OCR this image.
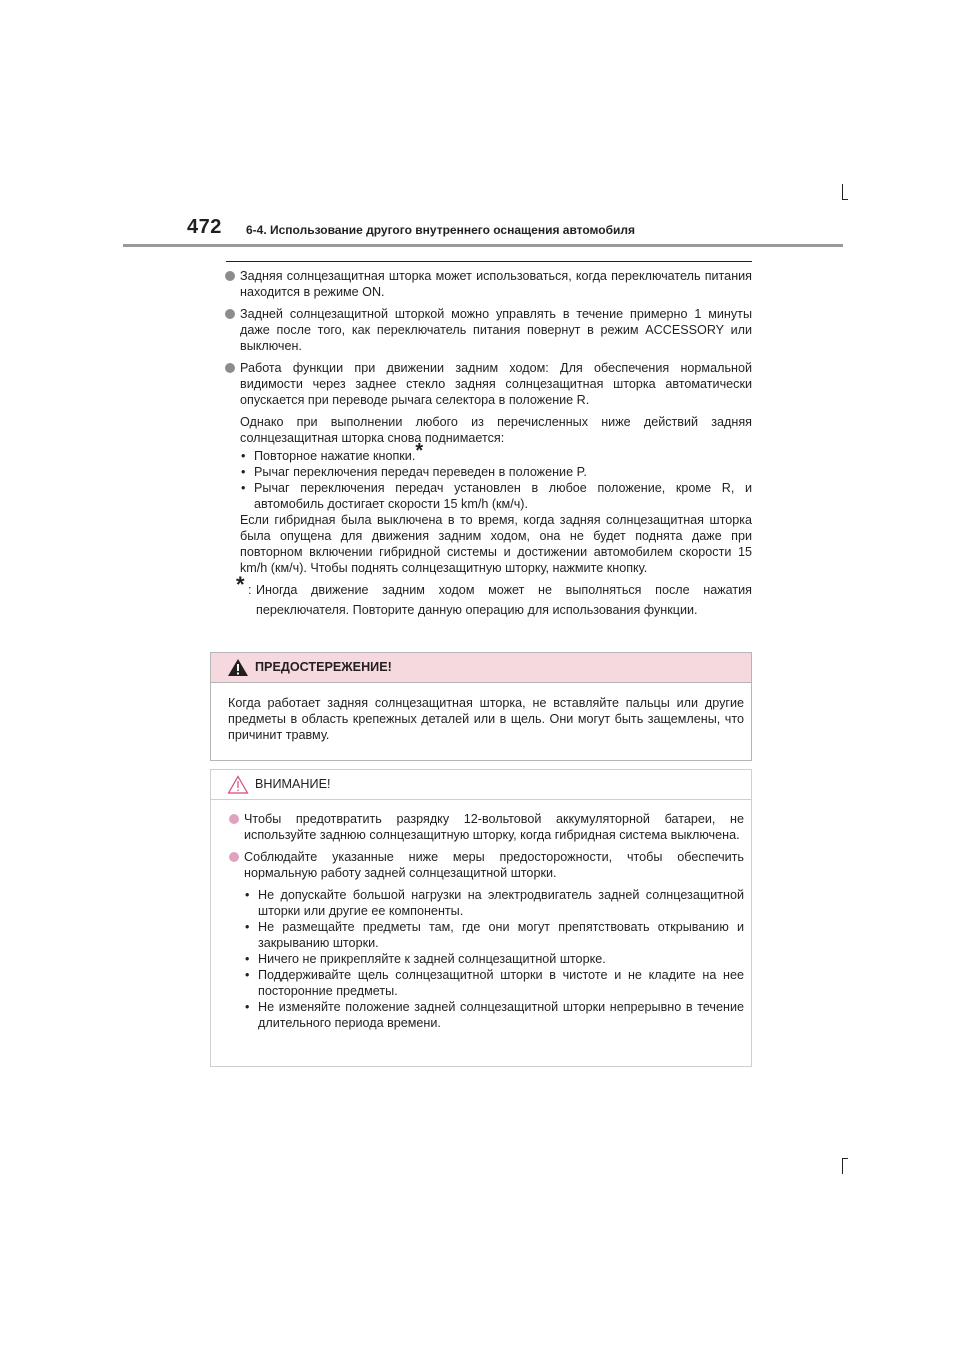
472 6-4. Использование другого внутреннего оснащения автомобиля
Задняя солнцезащитная шторка может использоваться, когда переключатель питания находится в режиме ON.
Задней солнцезащитной шторкой можно управлять в течение примерно 1 минуты даже после того, как переключатель питания повернут в режим ACCESSORY или выключен.
Работа функции при движении задним ходом: Для обеспечения нормальной видимости через заднее стекло задняя солнцезащитная шторка автоматически опускается при переводе рычага селектора в положение R.
Однако при выполнении любого из перечисленных ниже действий задняя солнцезащитная шторка снова поднимается:
• Повторное нажатие кнопки.*
• Рычаг переключения передач переведен в положение P.
• Рычаг переключения передач установлен в любое положение, кроме R, и автомобиль достигает скорости 15 km/h (км/ч).
Если гибридная была выключена в то время, когда задняя солнцезащитная шторка была опущена для движения задним ходом, она не будет поднята даже при повторном включении гибридной системы и достижении автомобилем скорости 15 km/h (км/ч). Чтобы поднять солнцезащитную шторку, нажмите кнопку.
* : Иногда движение задним ходом может не выполняться после нажатия переключателя. Повторите данную операцию для использования функции.
ПРЕДОСТЕРЕЖЕНИЕ!
Когда работает задняя солнцезащитная шторка, не вставляйте пальцы или другие предметы в область крепежных деталей или в щель. Они могут быть защемлены, что причинит травму.
ВНИМАНИЕ!
Чтобы предотвратить разрядку 12-вольтовой аккумуляторной батареи, не используйте заднюю солнцезащитную шторку, когда гибридная система выключена.
Соблюдайте указанные ниже меры предосторожности, чтобы обеспечить нормальную работу задней солнцезащитной шторки.
• Не допускайте большой нагрузки на электродвигатель задней солнцезащитной шторки или другие ее компоненты.
• Не размещайте предметы там, где они могут препятствовать открыванию и закрыванию шторки.
• Ничего не прикрепляйте к задней солнцезащитной шторке.
• Поддерживайте щель солнцезащитной шторки в чистоте и не кладите на нее посторонние предметы.
• Не изменяйте положение задней солнцезащитной шторки непрерывно в течение длительного периода времени.
